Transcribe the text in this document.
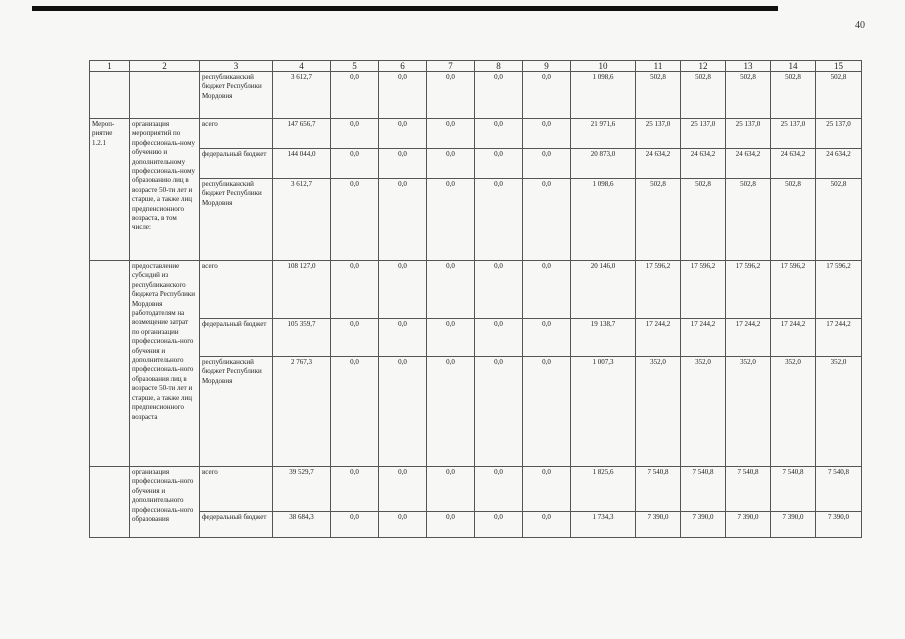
40
1	2	3	4	5	6	7	8	9	10	11	12	13	14	15
		республиканский бюджет Республики Мордовия	3 612,7	0,0	0,0	0,0	0,0	0,0	1 098,6	502,8	502,8	502,8	502,8	502,8
Мероп-риятие 1.2.1	организация мероприятий по профессиональ-ному обучению и дополнительному профессиональ-ному образованию лиц в возрасте 50-ти лет и старше, а также лиц предпенсионного возраста, в том числе:	всего	147 656,7	0,0	0,0	0,0	0,0	0,0	21 971,6	25 137,0	25 137,0	25 137,0	25 137,0	25 137,0
		федеральный бюджет	144 044,0	0,0	0,0	0,0	0,0	0,0	20 873,0	24 634,2	24 634,2	24 634,2	24 634,2	24 634,2
		республиканский бюджет Республики Мордовия	3 612,7	0,0	0,0	0,0	0,0	0,0	1 098,6	502,8	502,8	502,8	502,8	502,8
	предоставление субсидий из республиканского бюджета Республики Мордовия работодателям на возмещение затрат по организации профессиональ-ного обучения и дополнительного профессиональ-ного образования лиц в возрасте 50-ти лет и старше, а также лиц предпенсионного возраста	всего	108 127,0	0,0	0,0	0,0	0,0	0,0	20 146,0	17 596,2	17 596,2	17 596,2	17 596,2	17 596,2
		федеральный бюджет	105 359,7	0,0	0,0	0,0	0,0	0,0	19 138,7	17 244,2	17 244,2	17 244,2	17 244,2	17 244,2
		республиканский бюджет Республики Мордовия	2 767,3	0,0	0,0	0,0	0,0	0,0	1 007,3	352,0	352,0	352,0	352,0	352,0
	организация профессиональ-ного обучения и дополнительного профессиональ-ного образования	всего	39 529,7	0,0	0,0	0,0	0,0	0,0	1 825,6	7 540,8	7 540,8	7 540,8	7 540,8	7 540,8
		федеральный бюджет	38 684,3	0,0	0,0	0,0	0,0	0,0	1 734,3	7 390,0	7 390,0	7 390,0	7 390,0	7 390,0
